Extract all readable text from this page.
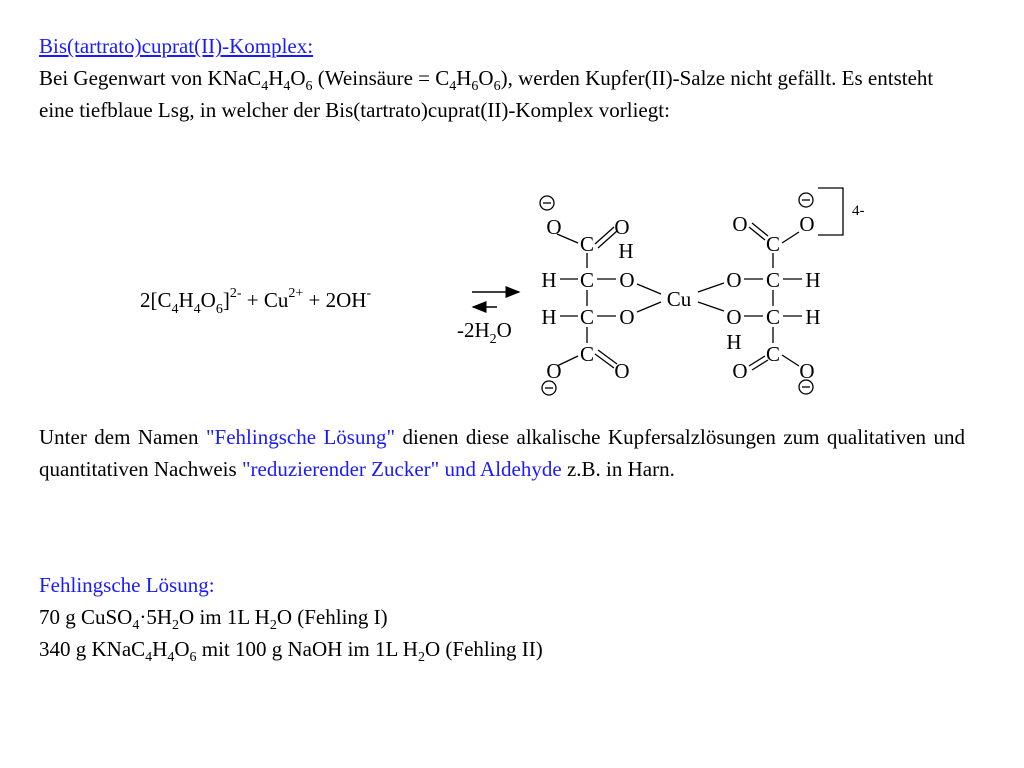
Bis(tartrato)cuprat(II)-Komplex:
Bei Gegenwart von $KNaC_4H_4O_6$ (Weinsäure = $C_4H_6O_6$), werden Kupfer(II)-Salze nicht gefällt. Es entsteht eine tiefblaue Lsg, in welcher der Bis(tartrato)cuprat(II)-Komplex vorliegt:
$2[C_4H_4O_6]^{2-} + Cu^{2+} + 2OH^-$
$-2H_2O$
O	O
C H
H C O
Cu
H C O
C
O	O
O O
C
O C H
O C H
H C
O O
4-
Unter dem Namen "Fehlingsche Lösung" dienen diese alkalische Kupfersalzlösungen zum qualitativen und quantitativen Nachweis "reduzierender Zucker" und Aldehyde z.B. in Harn.
Fehlingsche Lösung:
70 g $CuSO_4\cdot 5H_2O$ im 1L $H_2O$ (Fehling I)
340 g $KNaC_4H_4O_6$ mit 100 g NaOH im 1L $H_2O$ (Fehling II)
